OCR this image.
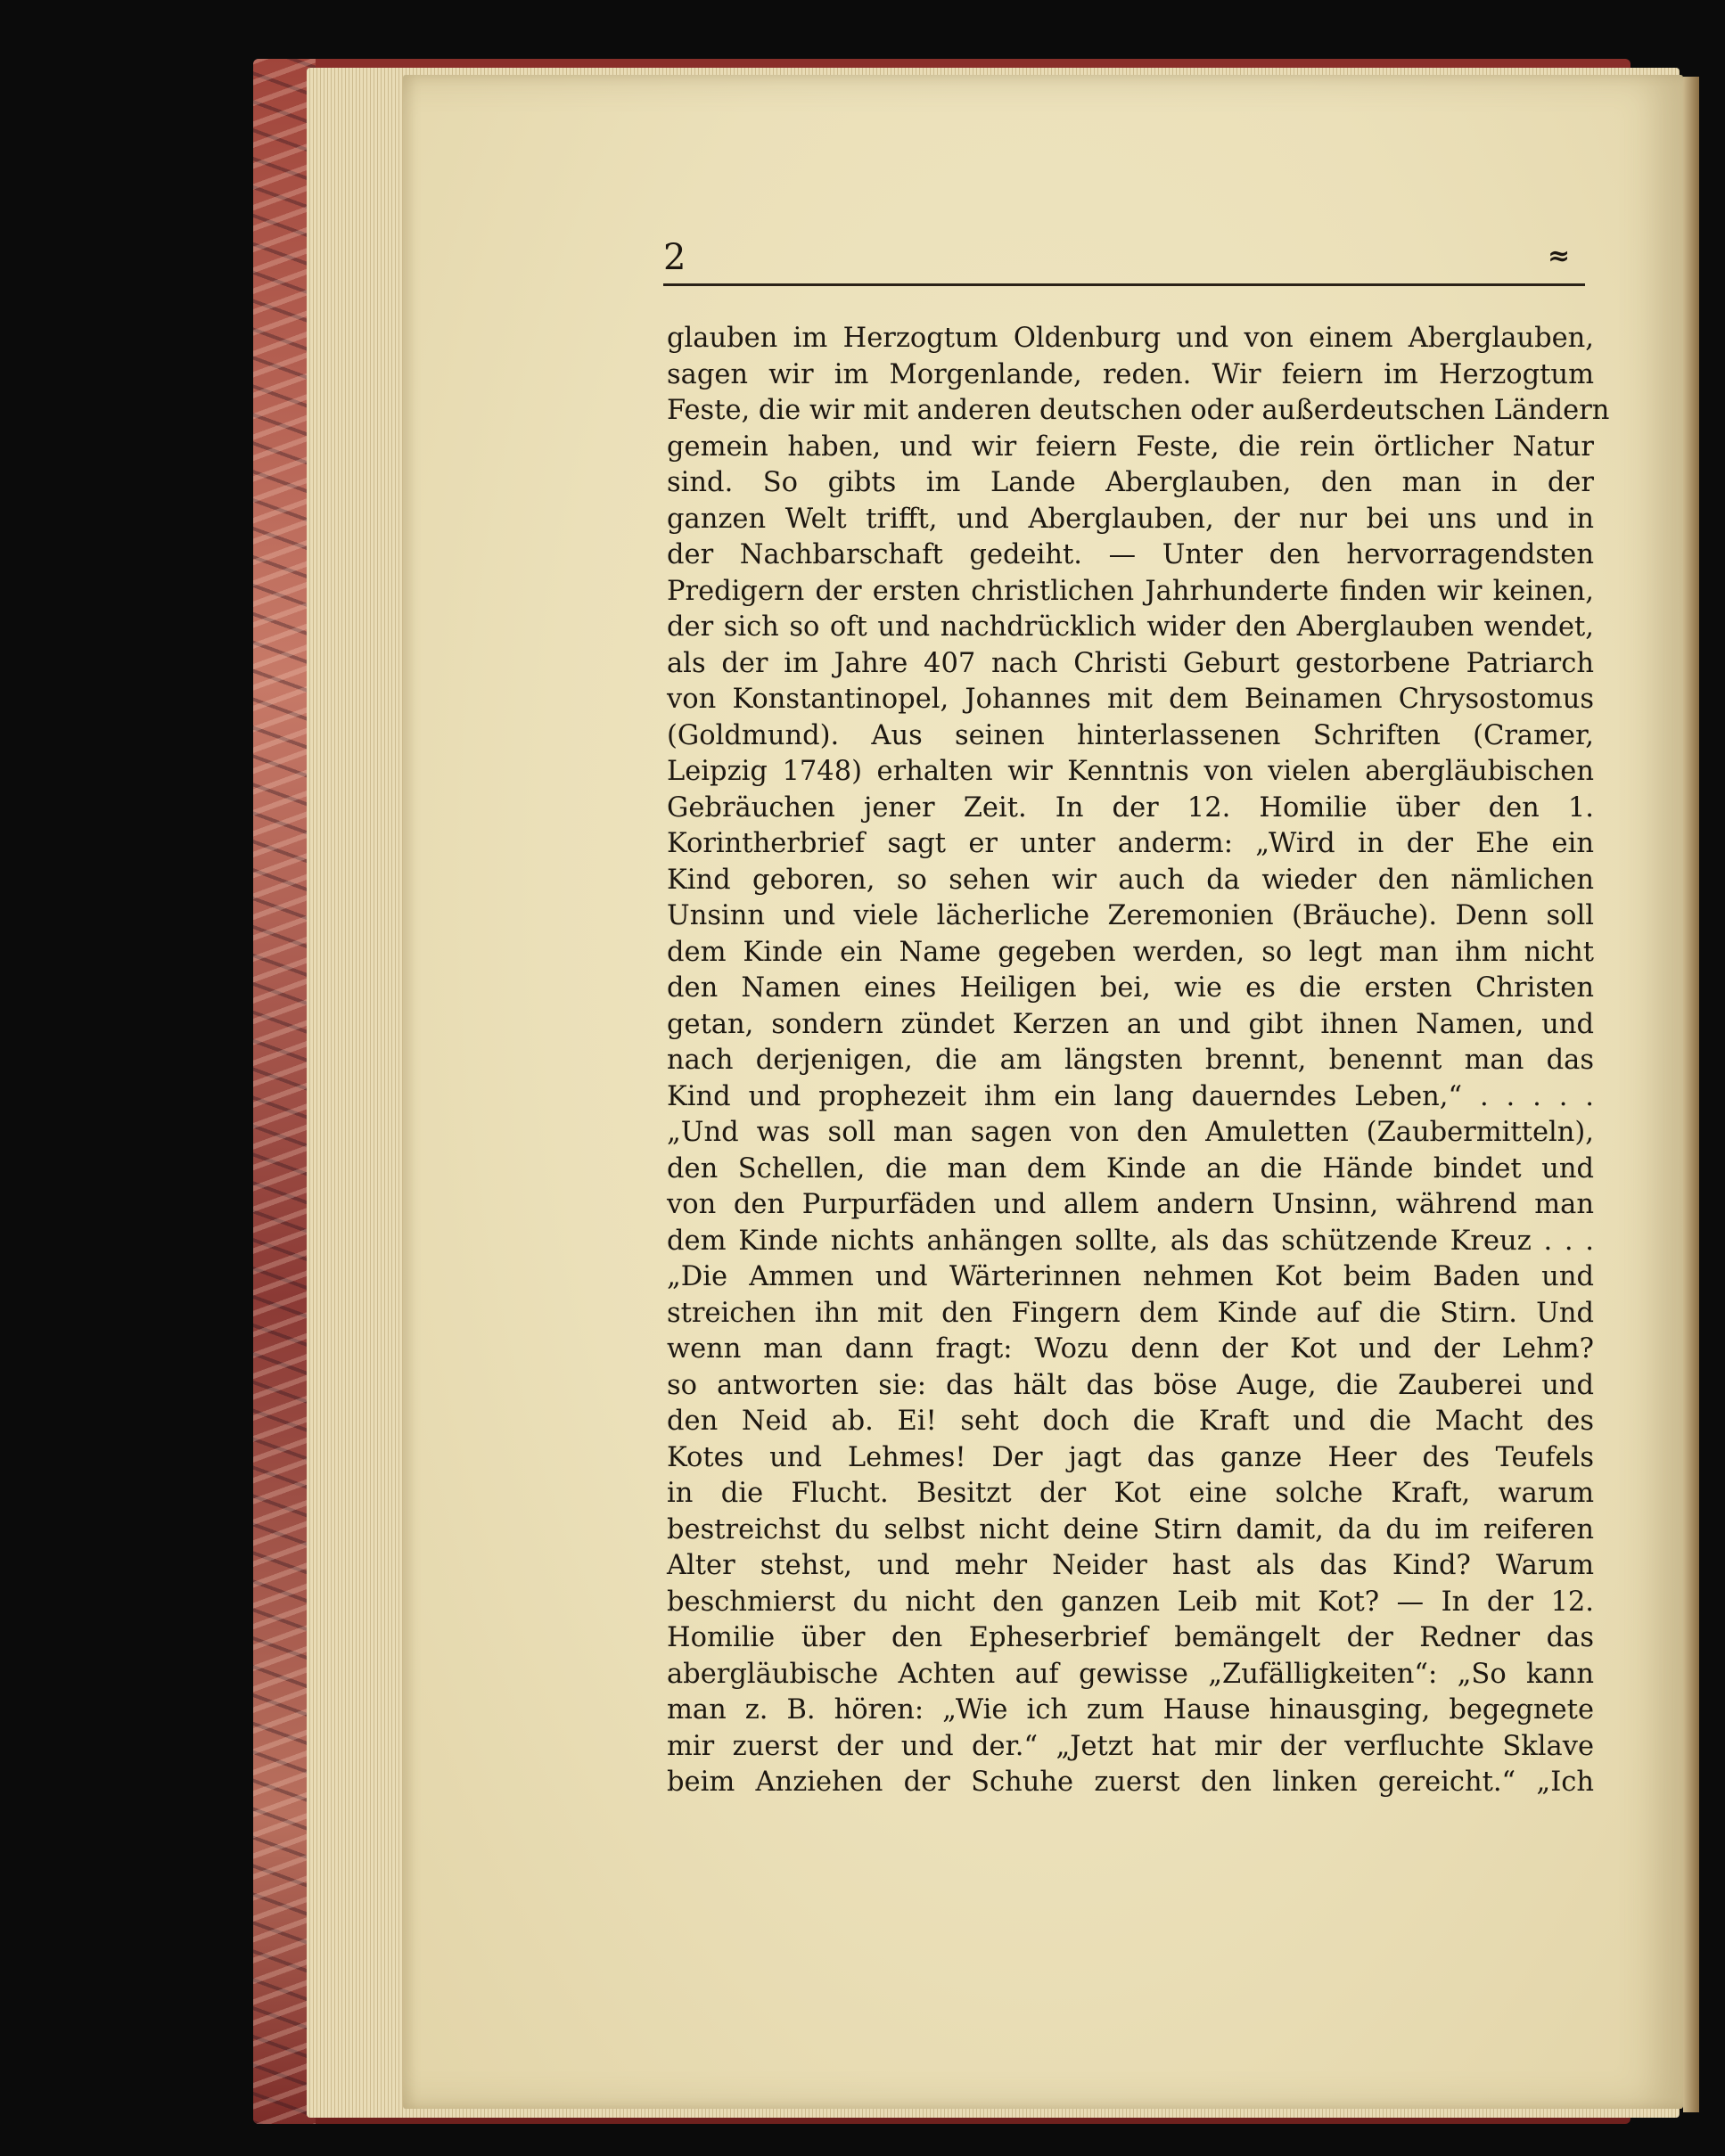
2	≈
glauben im Herzogtum Oldenburg und von einem Aberglauben,
sagen wir im Morgenlande, reden. Wir feiern im Herzogtum
Feste, die wir mit anderen deutschen oder außerdeutschen Ländern
gemein haben, und wir feiern Feste, die rein örtlicher Natur
sind. So gibts im Lande Aberglauben, den man in der
ganzen Welt trifft, und Aberglauben, der nur bei uns und in
der Nachbarschaft gedeiht. — Unter den hervorragendsten
Predigern der ersten christlichen Jahrhunderte finden wir keinen,
der sich so oft und nachdrücklich wider den Aberglauben wendet,
als der im Jahre 407 nach Christi Geburt gestorbene Patriarch
von Konstantinopel, Johannes mit dem Beinamen Chrysostomus
(Goldmund). Aus seinen hinterlassenen Schriften (Cramer,
Leipzig 1748) erhalten wir Kenntnis von vielen abergläubischen
Gebräuchen jener Zeit. In der 12. Homilie über den 1.
Korintherbrief sagt er unter anderm: „Wird in der Ehe ein
Kind geboren, so sehen wir auch da wieder den nämlichen
Unsinn und viele lächerliche Zeremonien (Bräuche). Denn soll
dem Kinde ein Name gegeben werden, so legt man ihm nicht
den Namen eines Heiligen bei, wie es die ersten Christen
getan, sondern zündet Kerzen an und gibt ihnen Namen, und
nach derjenigen, die am längsten brennt, benennt man das
Kind und prophezeit ihm ein lang dauerndes Leben,“ . . . . .
„Und was soll man sagen von den Amuletten (Zaubermitteln),
den Schellen, die man dem Kinde an die Hände bindet und
von den Purpurfäden und allem andern Unsinn, während man
dem Kinde nichts anhängen sollte, als das schützende Kreuz . . .
„Die Ammen und Wärterinnen nehmen Kot beim Baden und
streichen ihn mit den Fingern dem Kinde auf die Stirn. Und
wenn man dann fragt: Wozu denn der Kot und der Lehm?
so antworten sie: das hält das böse Auge, die Zauberei und
den Neid ab. Ei! seht doch die Kraft und die Macht des
Kotes und Lehmes! Der jagt das ganze Heer des Teufels
in die Flucht. Besitzt der Kot eine solche Kraft, warum
bestreichst du selbst nicht deine Stirn damit, da du im reiferen
Alter stehst, und mehr Neider hast als das Kind? Warum
beschmierst du nicht den ganzen Leib mit Kot? — In der 12.
Homilie über den Epheserbrief bemängelt der Redner das
abergläubische Achten auf gewisse „Zufälligkeiten“: „So kann
man z. B. hören: „Wie ich zum Hause hinausging, begegnete
mir zuerst der und der.“ „Jetzt hat mir der verfluchte Sklave
beim Anziehen der Schuhe zuerst den linken gereicht.“ „Ich
